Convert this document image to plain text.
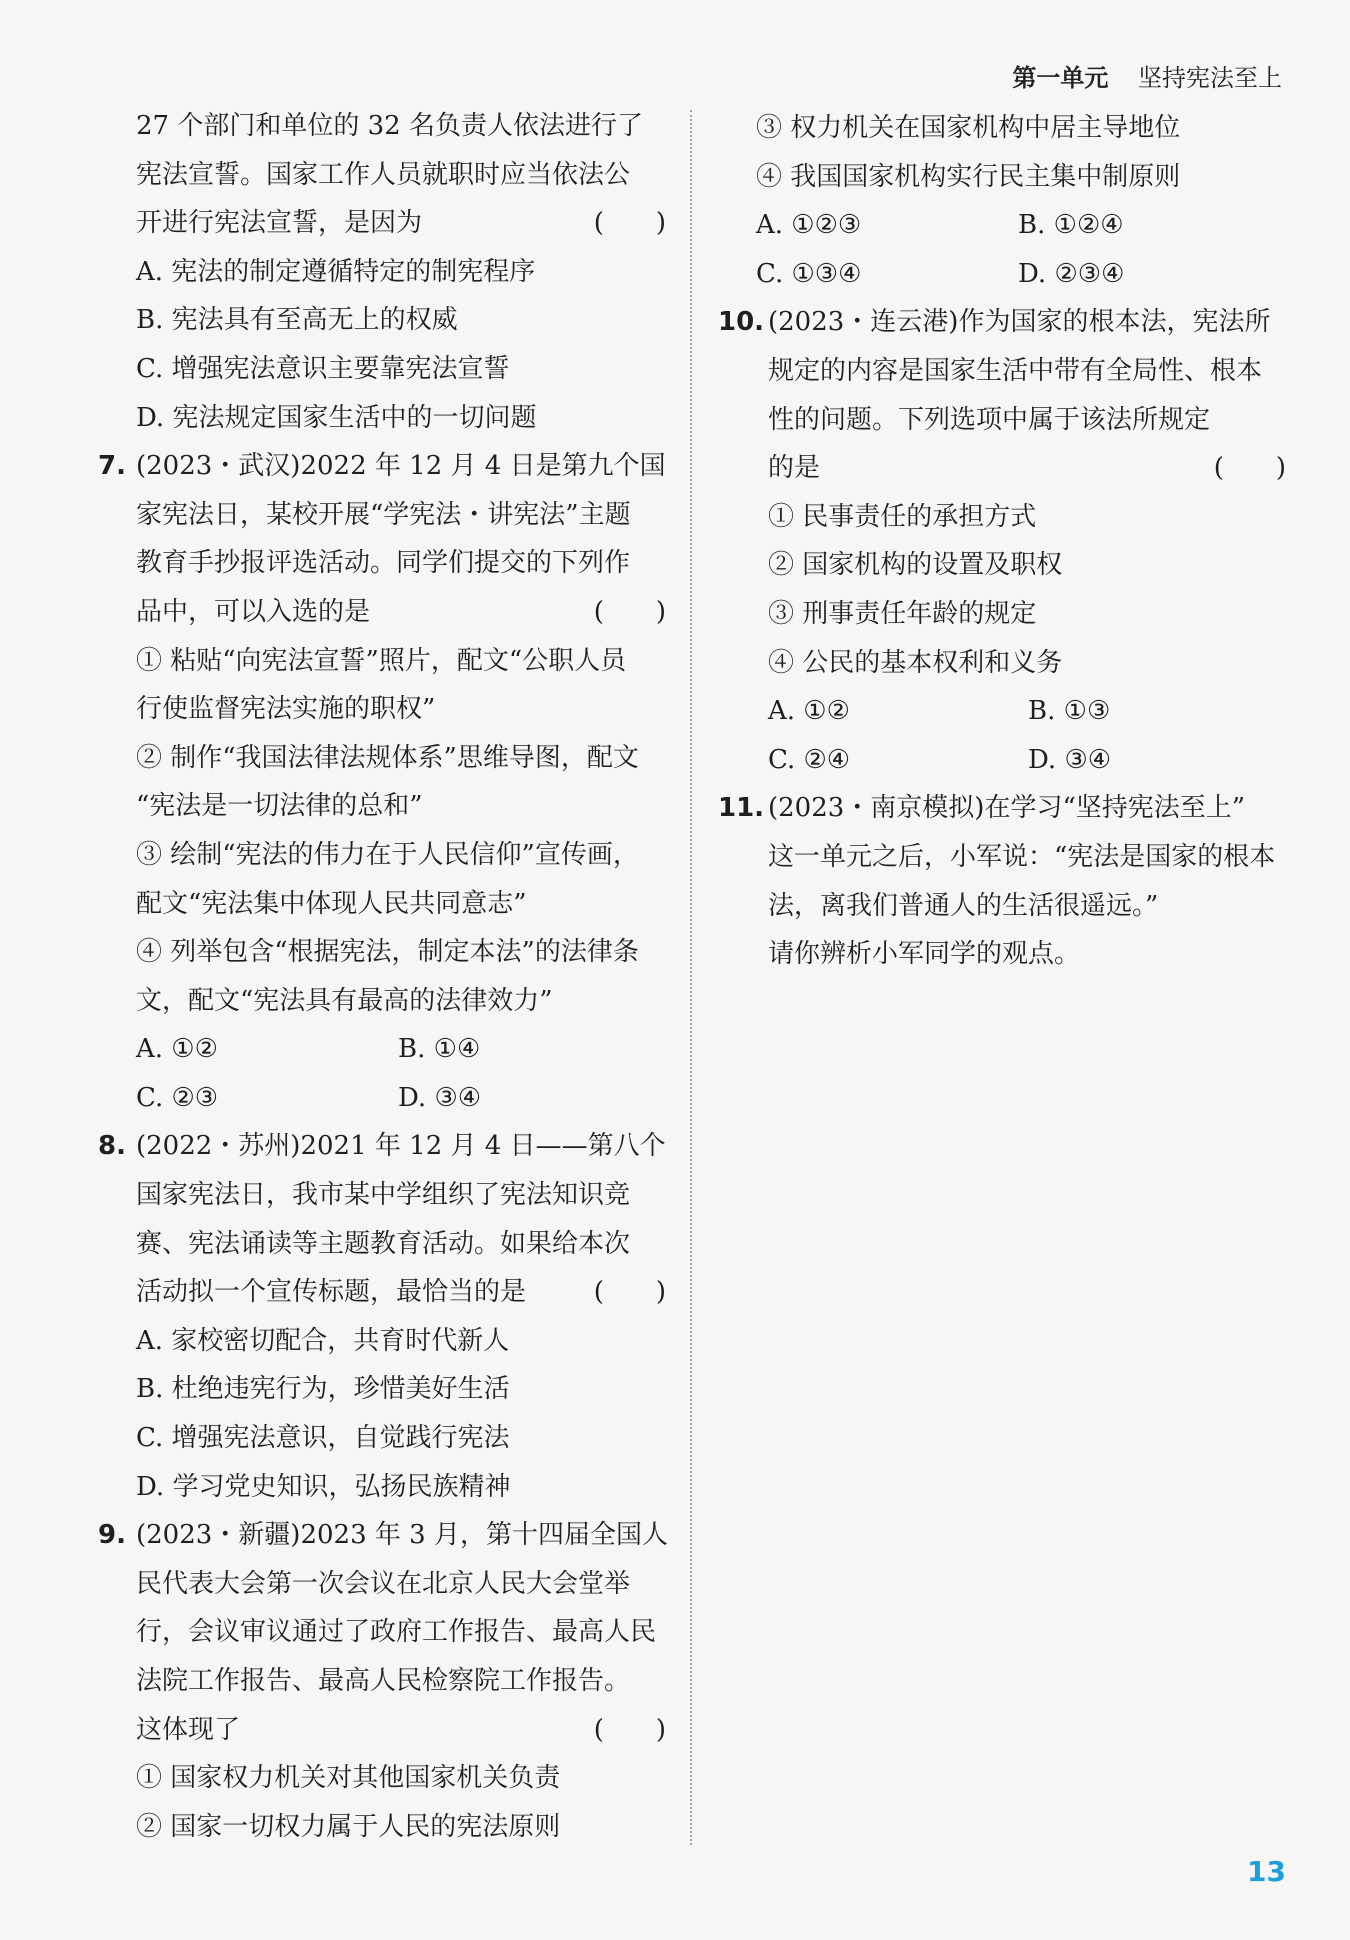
第一单元 坚持宪法至上
27 个部门和单位的 32 名负责人依法进行了
宪法宣誓。国家工作人员就职时应当依法公
开进行宪法宣誓，是因为	(　　)
A. 宪法的制定遵循特定的制宪程序
B. 宪法具有至高无上的权威
C. 增强宪法意识主要靠宪法宣誓
D. 宪法规定国家生活中的一切问题
7. (2023・武汉)2022 年 12 月 4 日是第九个国
家宪法日，某校开展“学宪法・讲宪法”主题
教育手抄报评选活动。同学们提交的下列作
品中，可以入选的是	(　　)
① 粘贴“向宪法宣誓”照片，配文“公职人员
行使监督宪法实施的职权”
② 制作“我国法律法规体系”思维导图，配文
“宪法是一切法律的总和”
③ 绘制“宪法的伟力在于人民信仰”宣传画，
配文“宪法集中体现人民共同意志”
④ 列举包含“根据宪法，制定本法”的法律条
文，配文“宪法具有最高的法律效力”
A. ①②	B. ①④
C. ②③	D. ③④
8. (2022・苏州)2021 年 12 月 4 日——第八个
国家宪法日，我市某中学组织了宪法知识竞
赛、宪法诵读等主题教育活动。如果给本次
活动拟一个宣传标题，最恰当的是	(　　)
A. 家校密切配合，共育时代新人
B. 杜绝违宪行为，珍惜美好生活
C. 增强宪法意识，自觉践行宪法
D. 学习党史知识，弘扬民族精神
9. (2023・新疆)2023 年 3 月，第十四届全国人
民代表大会第一次会议在北京人民大会堂举
行，会议审议通过了政府工作报告、最高人民
法院工作报告、最高人民检察院工作报告。
这体现了	(　　)
① 国家权力机关对其他国家机关负责
② 国家一切权力属于人民的宪法原则
③ 权力机关在国家机构中居主导地位
④ 我国国家机构实行民主集中制原则
A. ①②③	B. ①②④
C. ①③④	D. ②③④
10. (2023・连云港)作为国家的根本法，宪法所
规定的内容是国家生活中带有全局性、根本
性的问题。下列选项中属于该法所规定
的是	(　　)
① 民事责任的承担方式
② 国家机构的设置及职权
③ 刑事责任年龄的规定
④ 公民的基本权利和义务
A. ①②	B. ①③
C. ②④	D. ③④
11. (2023・南京模拟)在学习“坚持宪法至上”
这一单元之后，小军说：“宪法是国家的根本
法，离我们普通人的生活很遥远。”
请你辨析小军同学的观点。
13
